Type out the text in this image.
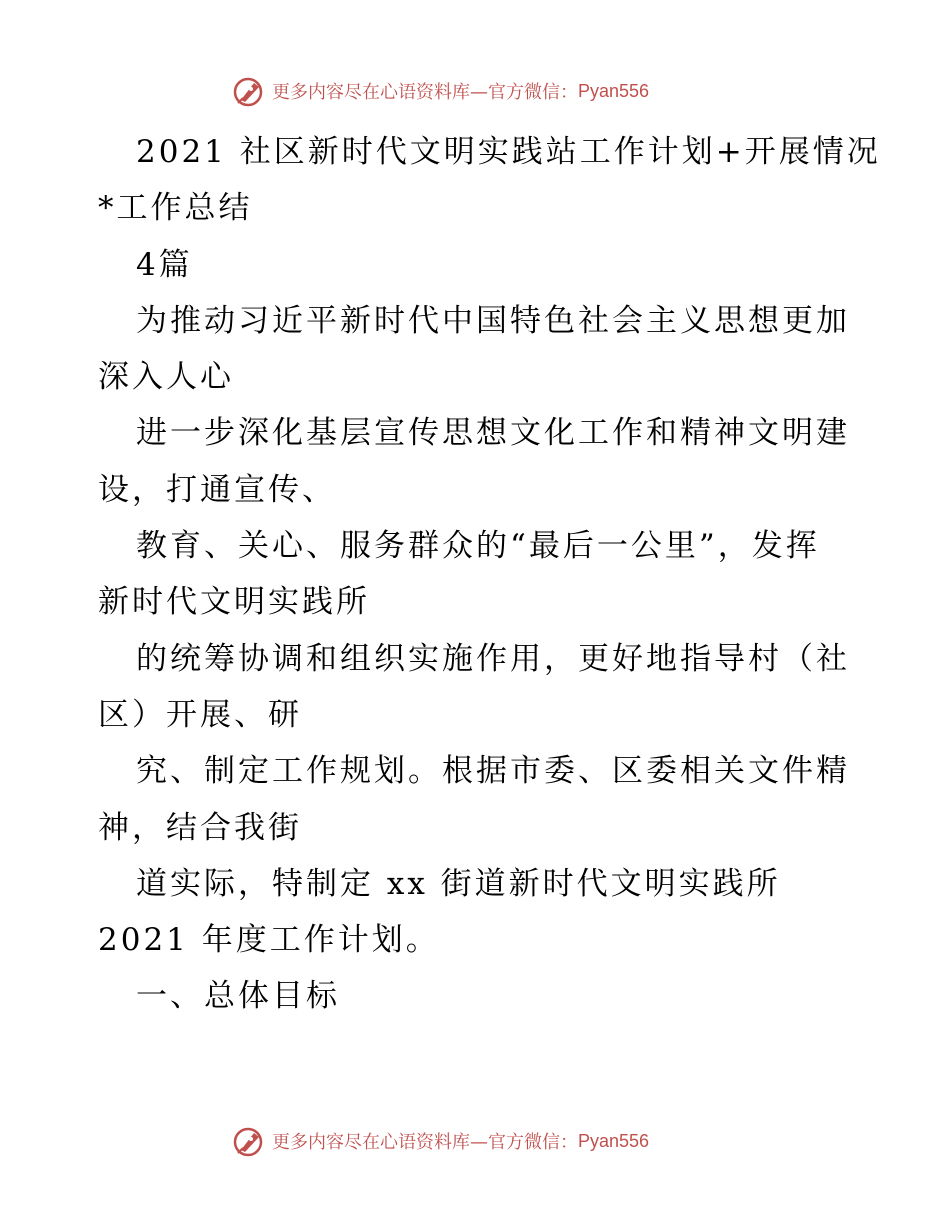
更多内容尽在心语资料库—官方微信： Pyan556
2021 社区新时代文明实践站工作计划+开展情况
*工作总结
4篇
为推动习近平新时代中国特色社会主义思想更加
深入人心
进一步深化基层宣传思想文化工作和精神文明建
设，打通宣传、
教育、关心、服务群众的“最后一公里”，发挥
新时代文明实践所
的统筹协调和组织实施作用，更好地指导村（社
区）开展、研
究、制定工作规划。根据市委、区委相关文件精
神，结合我街
道实际，特制定 xx 街道新时代文明实践所
2021 年度工作计划。
一、总体目标
更多内容尽在心语资料库—官方微信： Pyan556
